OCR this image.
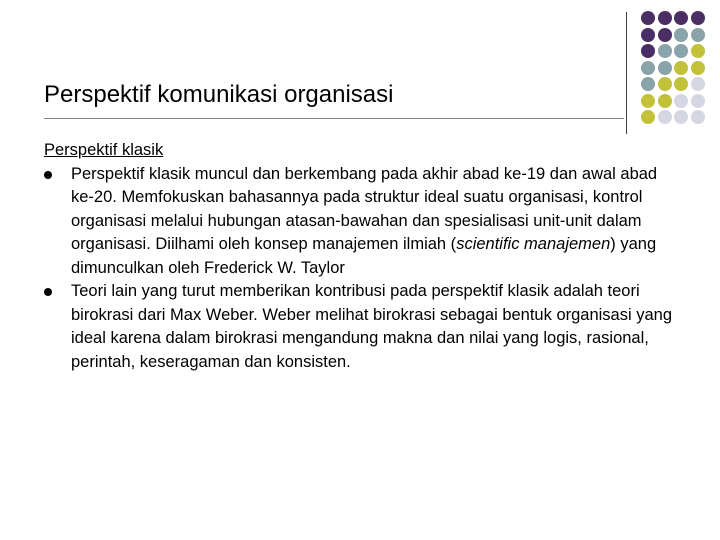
Perspektif komunikasi organisasi
Perspektif klasik
Perspektif klasik muncul dan berkembang pada akhir abad ke-19 dan awal abad ke-20. Memfokuskan bahasannya pada struktur ideal suatu organisasi, kontrol organisasi melalui hubungan atasan-bawahan dan spesialisasi unit-unit dalam organisasi. Diilhami oleh konsep manajemen ilmiah (scientific manajemen) yang dimunculkan oleh Frederick W. Taylor
Teori lain yang turut memberikan kontribusi pada perspektif klasik adalah teori birokrasi dari Max Weber. Weber melihat birokrasi sebagai bentuk organisasi yang ideal karena dalam birokrasi mengandung makna dan nilai yang logis, rasional, perintah, keseragaman dan konsisten.
